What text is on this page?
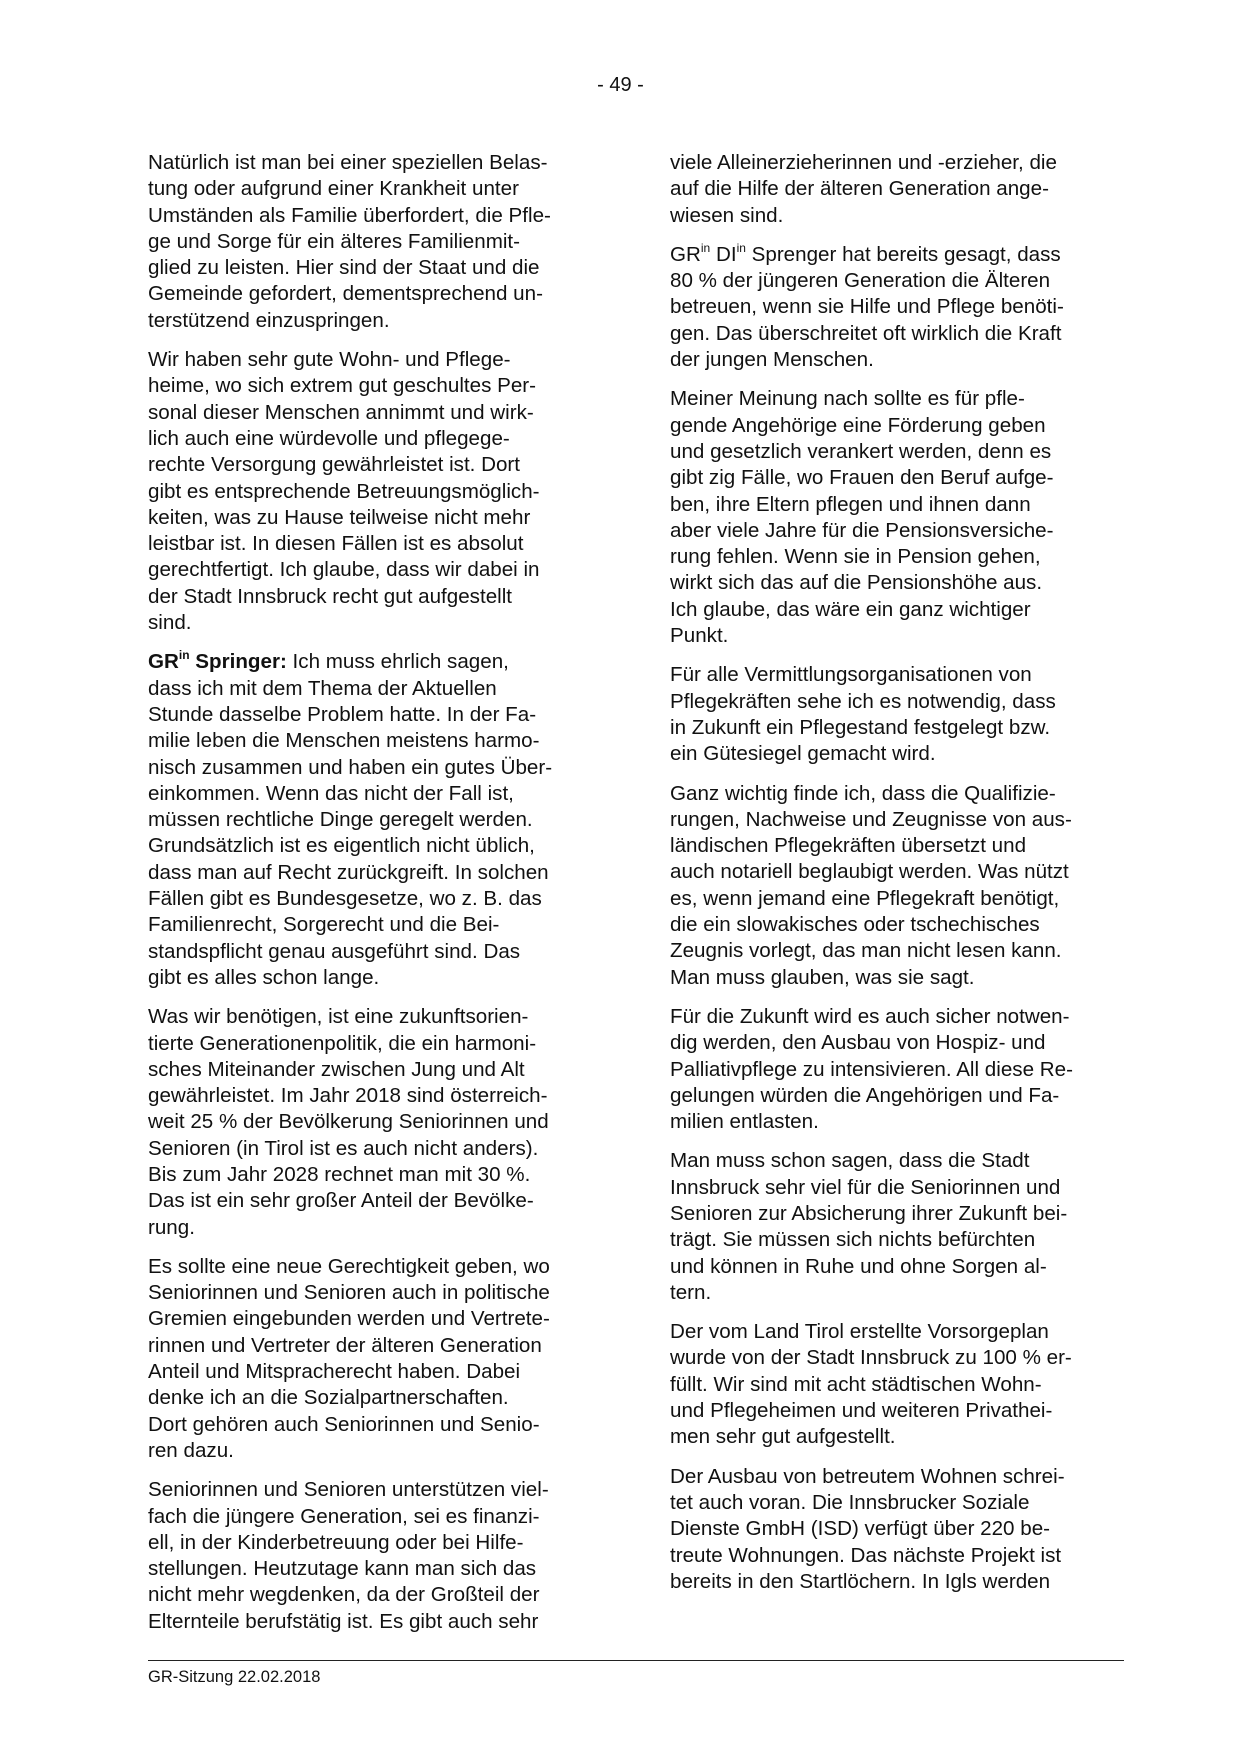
- 49 -

Natürlich ist man bei einer speziellen Belas-
tung oder aufgrund einer Krankheit unter
Umständen als Familie überfordert, die Pfle-
ge und Sorge für ein älteres Familienmit-
glied zu leisten. Hier sind der Staat und die
Gemeinde gefordert, dementsprechend un-
terstützend einzuspringen.

Wir haben sehr gute Wohn- und Pflege-
heime, wo sich extrem gut geschultes Per-
sonal dieser Menschen annimmt und wirk-
lich auch eine würdevolle und pflegege-
rechte Versorgung gewährleistet ist. Dort
gibt es entsprechende Betreuungsmöglich-
keiten, was zu Hause teilweise nicht mehr
leistbar ist. In diesen Fällen ist es absolut
gerechtfertigt. Ich glaube, dass wir dabei in
der Stadt Innsbruck recht gut aufgestellt
sind.

$GR^{in}$ Springer: Ich muss ehrlich sagen,
dass ich mit dem Thema der Aktuellen
Stunde dasselbe Problem hatte. In der Fa-
milie leben die Menschen meistens harmo-
nisch zusammen und haben ein gutes Über-
einkommen. Wenn das nicht der Fall ist,
müssen rechtliche Dinge geregelt werden.
Grundsätzlich ist es eigentlich nicht üblich,
dass man auf Recht zurückgreift. In solchen
Fällen gibt es Bundesgesetze, wo z. B. das
Familienrecht, Sorgerecht und die Bei-
standspflicht genau ausgeführt sind. Das
gibt es alles schon lange.

Was wir benötigen, ist eine zukunftsorien-
tierte Generationenpolitik, die ein harmoni-
sches Miteinander zwischen Jung und Alt
gewährleistet. Im Jahr 2018 sind österreich-
weit 25 % der Bevölkerung Seniorinnen und
Senioren (in Tirol ist es auch nicht anders).
Bis zum Jahr 2028 rechnet man mit 30 %.
Das ist ein sehr großer Anteil der Bevölke-
rung.

Es sollte eine neue Gerechtigkeit geben, wo
Seniorinnen und Senioren auch in politische
Gremien eingebunden werden und Vertrete-
rinnen und Vertreter der älteren Generation
Anteil und Mitspracherecht haben. Dabei
denke ich an die Sozialpartnerschaften.
Dort gehören auch Seniorinnen und Senio-
ren dazu.

Seniorinnen und Senioren unterstützen viel-
fach die jüngere Generation, sei es finanzi-
ell, in der Kinderbetreuung oder bei Hilfe-
stellungen. Heutzutage kann man sich das
nicht mehr wegdenken, da der Großteil der
Elternteile berufstätig ist. Es gibt auch sehr

viele Alleinerzieherinnen und -erzieher, die
auf die Hilfe der älteren Generation ange-
wiesen sind.

$GR^{in}$ $DI^{in}$ Sprenger hat bereits gesagt, dass
80 % der jüngeren Generation die Älteren
betreuen, wenn sie Hilfe und Pflege benöti-
gen. Das überschreitet oft wirklich die Kraft
der jungen Menschen.

Meiner Meinung nach sollte es für pfle-
gende Angehörige eine Förderung geben
und gesetzlich verankert werden, denn es
gibt zig Fälle, wo Frauen den Beruf aufge-
ben, ihre Eltern pflegen und ihnen dann
aber viele Jahre für die Pensionsversiche-
rung fehlen. Wenn sie in Pension gehen,
wirkt sich das auf die Pensionshöhe aus.
Ich glaube, das wäre ein ganz wichtiger
Punkt.

Für alle Vermittlungsorganisationen von
Pflegekräften sehe ich es notwendig, dass
in Zukunft ein Pflegestand festgelegt bzw.
ein Gütesiegel gemacht wird.

Ganz wichtig finde ich, dass die Qualifizie-
rungen, Nachweise und Zeugnisse von aus-
ländischen Pflegekräften übersetzt und
auch notariell beglaubigt werden. Was nützt
es, wenn jemand eine Pflegekraft benötigt,
die ein slowakisches oder tschechisches
Zeugnis vorlegt, das man nicht lesen kann.
Man muss glauben, was sie sagt.

Für die Zukunft wird es auch sicher notwen-
dig werden, den Ausbau von Hospiz- und
Palliativpflege zu intensivieren. All diese Re-
gelungen würden die Angehörigen und Fa-
milien entlasten.

Man muss schon sagen, dass die Stadt
Innsbruck sehr viel für die Seniorinnen und
Senioren zur Absicherung ihrer Zukunft bei-
trägt. Sie müssen sich nichts befürchten
und können in Ruhe und ohne Sorgen al-
tern.

Der vom Land Tirol erstellte Vorsorgeplan
wurde von der Stadt Innsbruck zu 100 % er-
füllt. Wir sind mit acht städtischen Wohn-
und Pflegeheimen und weiteren Privathei-
men sehr gut aufgestellt.

Der Ausbau von betreutem Wohnen schrei-
tet auch voran. Die Innsbrucker Soziale
Dienste GmbH (ISD) verfügt über 220 be-
treute Wohnungen. Das nächste Projekt ist
bereits in den Startlöchern. In Igls werden

GR-Sitzung 22.02.2018
